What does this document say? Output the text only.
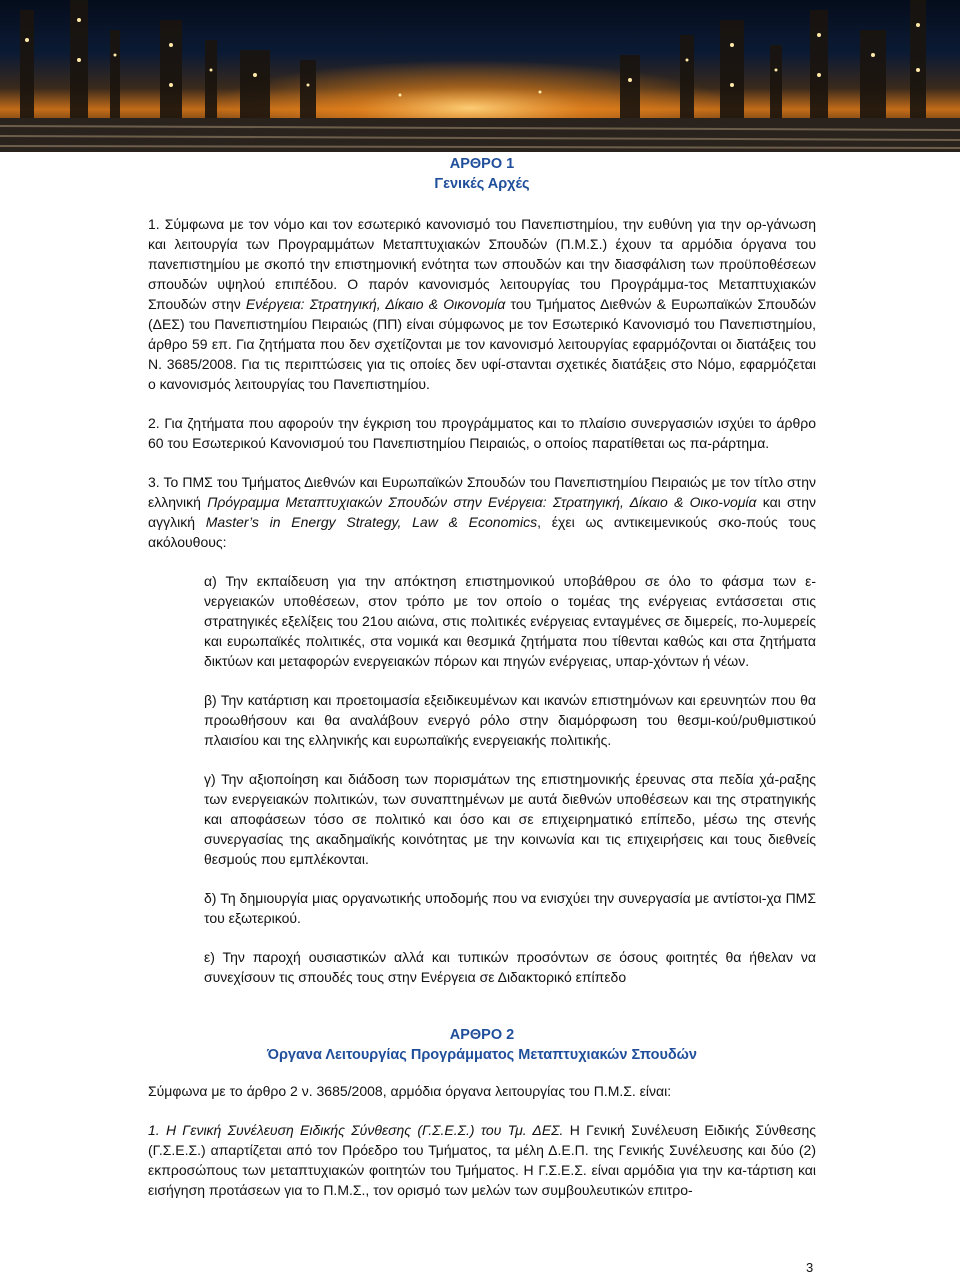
ΑΡΘΡΟ 1
Γενικές Αρχές

1. Σύμφωνα με τον νόμο και τον εσωτερικό κανονισμό του Πανεπιστημίου, την ευθύνη για την ορ-γάνωση και λειτουργία των Προγραμμάτων Μεταπτυχιακών Σπουδών (Π.Μ.Σ.) έχουν τα αρμόδια όργανα του πανεπιστημίου με σκοπό την επιστημονική ενότητα των σπουδών και την διασφάλιση των προϋποθέσεων σπουδών υψηλού επιπέδου. Ο παρόν κανονισμός λειτουργίας του Προγράμμα-τος Μεταπτυχιακών Σπουδών στην Ενέργεια: Στρατηγική, Δίκαιο & Οικονομία του Τμήματος Διεθνών & Ευρωπαϊκών Σπουδών (ΔΕΣ) του Πανεπιστημίου Πειραιώς (ΠΠ) είναι σύμφωνος με τον Εσωτερικό Κανονισμό του Πανεπιστημίου, άρθρο 59 επ. Για ζητήματα που δεν σχετίζονται με τον κανονισμό λειτουργίας εφαρμόζονται οι διατάξεις του Ν. 3685/2008. Για τις περιπτώσεις για τις οποίες δεν υφί-στανται σχετικές διατάξεις στο Νόμο, εφαρμόζεται ο κανονισμός λειτουργίας του Πανεπιστημίου.

2. Για ζητήματα που αφορούν την έγκριση του προγράμματος και το πλαίσιο συνεργασιών ισχύει το άρθρο 60 του Εσωτερικού Κανονισμού του Πανεπιστημίου Πειραιώς, ο οποίος παρατίθεται ως πα-ράρτημα.

3. Το ΠΜΣ του Τμήματος Διεθνών και Ευρωπαϊκών Σπουδών του Πανεπιστημίου Πειραιώς με τον τίτλο στην ελληνική Πρόγραμμα Μεταπτυχιακών Σπουδών στην Ενέργεια: Στρατηγική, Δίκαιο & Οικο-νομία και στην αγγλική Master’s in Energy Strategy, Law & Economics, έχει ως αντικειμενικούς σκο-πούς τους ακόλουθους:

α) Την εκπαίδευση για την απόκτηση επιστημονικού υποβάθρου σε όλο το φάσμα των ε-νεργειακών υποθέσεων, στον τρόπο με τον οποίο ο τομέας της ενέργειας εντάσσεται στις στρατηγικές εξελίξεις του 21ου αιώνα, στις πολιτικές ενέργειας ενταγμένες σε διμερείς, πο-λυμερείς και ευρωπαϊκές πολιτικές, στα νομικά και θεσμικά ζητήματα που τίθενται καθώς και στα ζητήματα δικτύων και μεταφορών ενεργειακών πόρων και πηγών ενέργειας, υπαρ-χόντων ή νέων.

β) Την κατάρτιση και προετοιμασία εξειδικευμένων και ικανών επιστημόνων και ερευνητών που θα προωθήσουν και θα αναλάβουν ενεργό ρόλο στην διαμόρφωση του θεσμι-κού/ρυθμιστικού πλαισίου και της ελληνικής και ευρωπαϊκής ενεργειακής πολιτικής.

γ) Την αξιοποίηση και διάδοση των πορισμάτων της επιστημονικής έρευνας στα πεδία χά-ραξης των ενεργειακών πολιτικών, των συναπτημένων με αυτά διεθνών υποθέσεων και της στρατηγικής και αποφάσεων τόσο σε πολιτικό και όσο και σε επιχειρηματικό επίπεδο, μέσω της στενής συνεργασίας της ακαδημαϊκής κοινότητας με την κοινωνία και τις επιχειρήσεις και τους διεθνείς θεσμούς που εμπλέκονται.

δ) Τη δημιουργία μιας οργανωτικής υποδομής που να ενισχύει την συνεργασία με αντίστοι-χα ΠΜΣ του εξωτερικού.

ε) Την παροχή ουσιαστικών αλλά και τυπικών προσόντων σε όσους φοιτητές θα ήθελαν να συνεχίσουν τις σπουδές τους στην Ενέργεια σε Διδακτορικό επίπεδο

ΑΡΘΡΟ 2
Όργανα Λειτουργίας Προγράμματος Μεταπτυχιακών Σπουδών

Σύμφωνα με το άρθρο 2 ν. 3685/2008, αρμόδια όργανα λειτουργίας του Π.Μ.Σ. είναι:

1. Η Γενική Συνέλευση Ειδικής Σύνθεσης (Γ.Σ.Ε.Σ.) του Τμ. ΔΕΣ. Η Γενική Συνέλευση Ειδικής Σύνθεσης (Γ.Σ.Ε.Σ.) απαρτίζεται από τον Πρόεδρο του Τμήματος, τα μέλη Δ.Ε.Π. της Γενικής Συνέλευσης και δύο (2) εκπροσώπους των μεταπτυχιακών φοιτητών του Τμήματος. Η Γ.Σ.Ε.Σ. είναι αρμόδια για την κα-τάρτιση και εισήγηση προτάσεων για το Π.Μ.Σ., τον ορισμό των μελών των συμβουλευτικών επιτρο-

3
